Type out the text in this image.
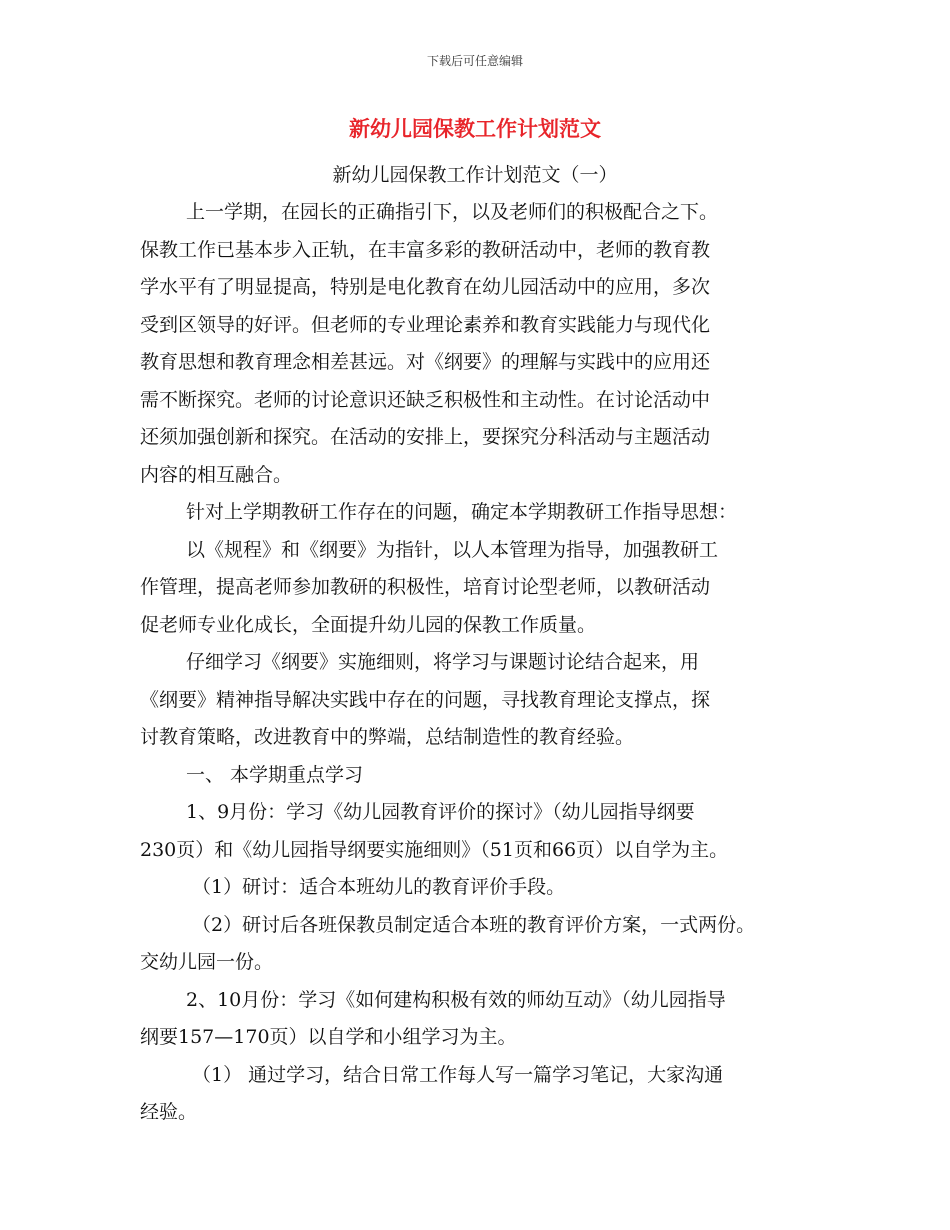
下载后可任意编辑
新幼儿园保教工作计划范文
新幼儿园保教工作计划范文（一）
上一学期，在园长的正确指引下，以及老师们的积极配合之下。
保教工作已基本步入正轨，在丰富多彩的教研活动中，老师的教育教
学水平有了明显提高，特别是电化教育在幼儿园活动中的应用，多次
受到区领导的好评。但老师的专业理论素养和教育实践能力与现代化
教育思想和教育理念相差甚远。对《纲要》的理解与实践中的应用还
需不断探究。老师的讨论意识还缺乏积极性和主动性。在讨论活动中
还须加强创新和探究。在活动的安排上，要探究分科活动与主题活动
内容的相互融合。
针对上学期教研工作存在的问题，确定本学期教研工作指导思想：
以《规程》和《纲要》为指针，以人本管理为指导，加强教研工
作管理，提高老师参加教研的积极性，培育讨论型老师，以教研活动
促老师专业化成长，全面提升幼儿园的保教工作质量。
仔细学习《纲要》实施细则，将学习与课题讨论结合起来，用
《纲要》精神指导解决实践中存在的问题，寻找教育理论支撑点，探
讨教育策略，改进教育中的弊端，总结制造性的教育经验。
一、 本学期重点学习
1、9月份：学习《幼儿园教育评价的探讨》（幼儿园指导纲要
230页）和《幼儿园指导纲要实施细则》（51页和66页）以自学为主。
（1）研讨：适合本班幼儿的教育评价手段。
（2）研讨后各班保教员制定适合本班的教育评价方案，一式两份。
交幼儿园一份。
2、10月份：学习《如何建构积极有效的师幼互动》（幼儿园指导
纲要157—170页）以自学和小组学习为主。
（1） 通过学习，结合日常工作每人写一篇学习笔记，大家沟通
经验。
